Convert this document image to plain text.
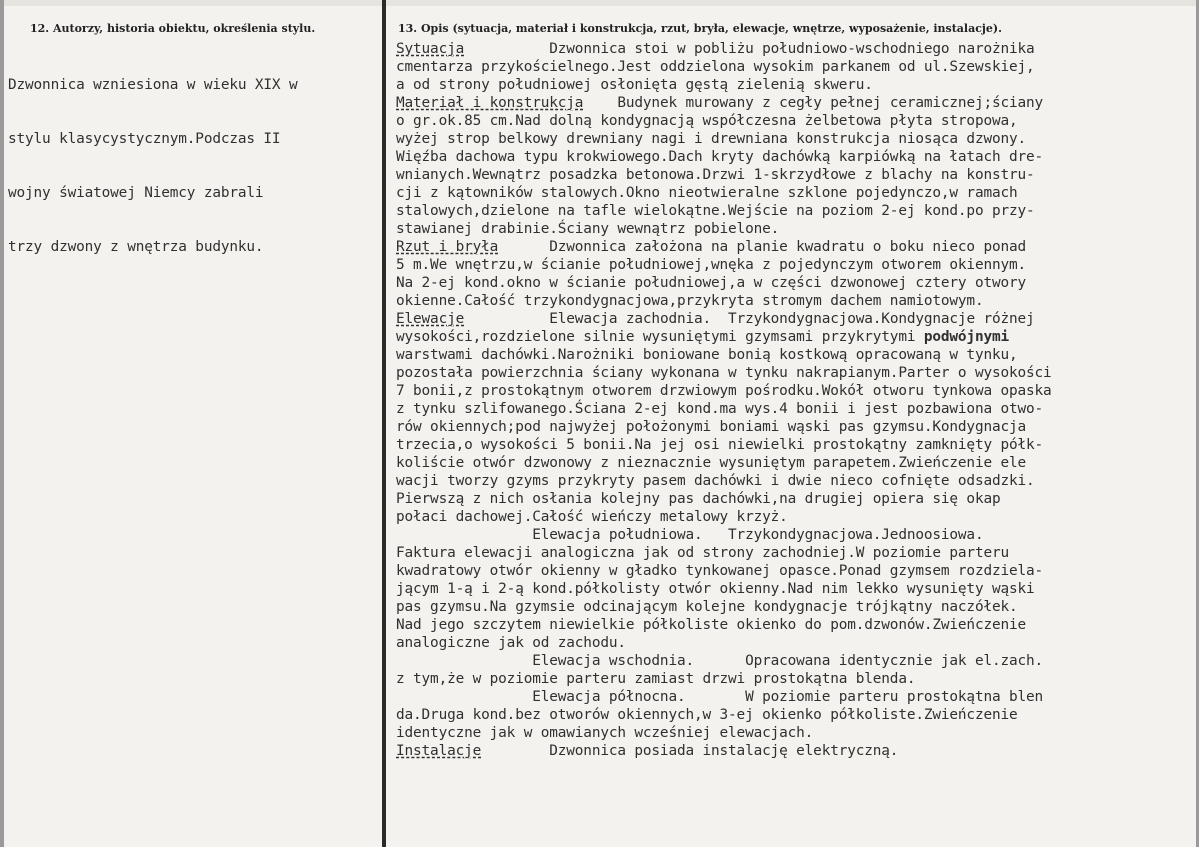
12. Autorzy, historia obiektu, określenia stylu.	13. Opis (sytuacja, materiał i konstrukcja, rzut, bryła, elewacje, wnętrze, wyposażenie, instalacje).

Dzwonnica wzniesiona w wieku XIX w

stylu klasycystycznym.Podczas II

wojny światowej Niemcy zabrali

trzy dzwony z wnętrza budynku.

Sytuacja          Dzwonnica stoi w pobliżu południowo-wschodniego narożnika
cmentarza przykościelnego.Jest oddzielona wysokim parkanem od ul.Szewskiej,
a od strony południowej osłonięta gęstą zielenią skweru.
Materiał i konstrukcja    Budynek murowany z cegły pełnej ceramicznej;ściany
o gr.ok.85 cm.Nad dolną kondygnacją współczesna żelbetowa płyta stropowa,
wyżej strop belkowy drewniany nagi i drewniana konstrukcja niosąca dzwony.
Więźba dachowa typu krokwiowego.Dach kryty dachówką karpiówką na łatach dre-
wnianych.Wewnątrz posadzka betonowa.Drzwi 1-skrzydłowe z blachy na konstru-
cji z kątowników stalowych.Okno nieotwieralne szklone pojedynczo,w ramach
stalowych,dzielone na tafle wielokątne.Wejście na poziom 2-ej kond.po przy-
stawianej drabinie.Ściany wewnątrz pobielone.
Rzut i bryła      Dzwonnica założona na planie kwadratu o boku nieco ponad
5 m.We wnętrzu,w ścianie południowej,wnęka z pojedynczym otworem okiennym.
Na 2-ej kond.okno w ścianie południowej,a w części dzwonowej cztery otwory
okienne.Całość trzykondygnacjowa,przykryta stromym dachem namiotowym.
Elewacje          Elewacja zachodnia.  Trzykondygnacjowa.Kondygnacje różnej
wysokości,rozdzielone silnie wysuniętymi gzymsami przykrytymi podwójnymi
warstwami dachówki.Narożniki boniowane bonią kostkową opracowaną w tynku,
pozostała powierzchnia ściany wykonana w tynku nakrapianym.Parter o wysokości
7 bonii,z prostokątnym otworem drzwiowym pośrodku.Wokół otworu tynkowa opaska
z tynku szlifowanego.Ściana 2-ej kond.ma wys.4 bonii i jest pozbawiona otwo-
rów okiennych;pod najwyżej położonymi boniami wąski pas gzymsu.Kondygnacja
trzecia,o wysokości 5 bonii.Na jej osi niewielki prostokątny zamknięty półk-
koliście otwór dzwonowy z nieznacznie wysuniętym parapetem.Zwieńczenie ele
wacji tworzy gzyms przykryty pasem dachówki i dwie nieco cofnięte odsadzki.
Pierwszą z nich osłania kolejny pas dachówki,na drugiej opiera się okap
połaci dachowej.Całość wieńczy metalowy krzyż.
Elewacja południowa.   Trzykondygnacjowa.Jednoosiowa.
Faktura elewacji analogiczna jak od strony zachodniej.W poziomie parteru
kwadratowy otwór okienny w gładko tynkowanej opasce.Ponad gzymsem rozdziela-
jącym 1-ą i 2-ą kond.półkolisty otwór okienny.Nad nim lekko wysunięty wąski
pas gzymsu.Na gzymsie odcinającym kolejne kondygnacje trójkątny naczółek.
Nad jego szczytem niewielkie półkoliste okienko do pom.dzwonów.Zwieńczenie
analogiczne jak od zachodu.
Elewacja wschodnia.      Opracowana identycznie jak el.zach.
z tym,że w poziomie parteru zamiast drzwi prostokątna blenda.
Elewacja północna.       W poziomie parteru prostokątna blen
da.Druga kond.bez otworów okiennych,w 3-ej okienko półkoliste.Zwieńczenie
identyczne jak w omawianych wcześniej elewacjach.
Instalacje        Dzwonnica posiada instalację elektryczną.
